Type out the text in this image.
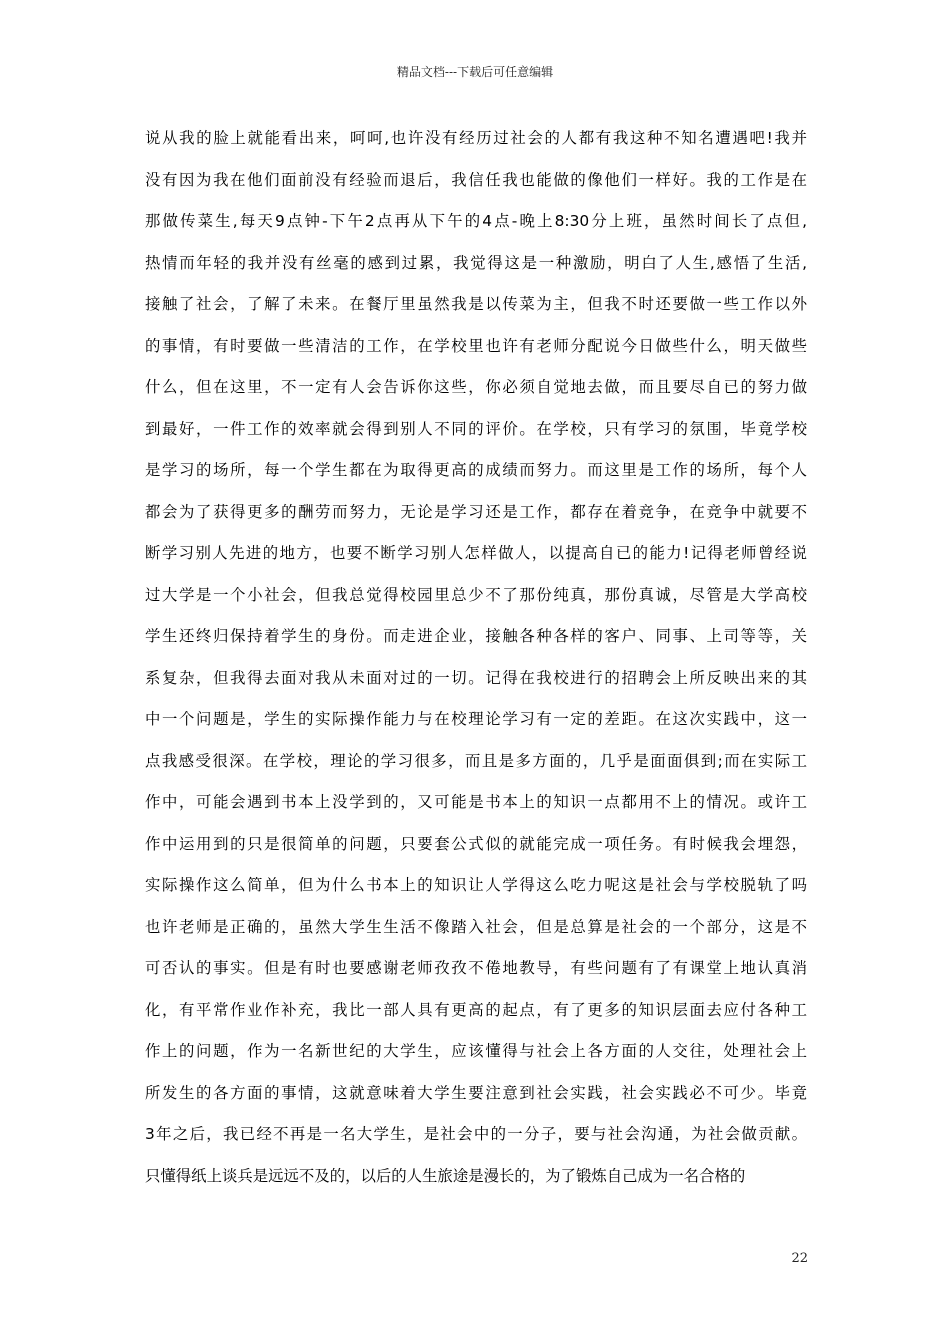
精品文档---下载后可任意编辑
说从我的脸上就能看出来，呵呵,也许没有经历过社会的人都有我这种不知名遭遇吧!我并
没有因为我在他们面前没有经验而退后，我信任我也能做的像他们一样好。我的工作是在
那做传菜生,每天9点钟-下午2点再从下午的4点-晚上8:30分上班，虽然时间长了点但,
热情而年轻的我并没有丝毫的感到过累，我觉得这是一种激励，明白了人生,感悟了生活,
接触了社会，了解了未来。在餐厅里虽然我是以传菜为主，但我不时还要做一些工作以外
的事情，有时要做一些清洁的工作，在学校里也许有老师分配说今日做些什么，明天做些
什么，但在这里，不一定有人会告诉你这些，你必须自觉地去做，而且要尽自已的努力做
到最好，一件工作的效率就会得到别人不同的评价。在学校，只有学习的氛围，毕竟学校
是学习的场所，每一个学生都在为取得更高的成绩而努力。而这里是工作的场所，每个人
都会为了获得更多的酬劳而努力，无论是学习还是工作，都存在着竞争，在竞争中就要不
断学习别人先进的地方，也要不断学习别人怎样做人，以提高自已的能力!记得老师曾经说
过大学是一个小社会，但我总觉得校园里总少不了那份纯真，那份真诚，尽管是大学高校
学生还终归保持着学生的身份。而走进企业，接触各种各样的客户、同事、上司等等，关
系复杂，但我得去面对我从未面对过的一切。记得在我校进行的招聘会上所反映出来的其
中一个问题是，学生的实际操作能力与在校理论学习有一定的差距。在这次实践中，这一
点我感受很深。在学校，理论的学习很多，而且是多方面的，几乎是面面俱到;而在实际工
作中，可能会遇到书本上没学到的，又可能是书本上的知识一点都用不上的情况。或许工
作中运用到的只是很简单的问题，只要套公式似的就能完成一项任务。有时候我会埋怨，
实际操作这么简单，但为什么书本上的知识让人学得这么吃力呢这是社会与学校脱轨了吗
也许老师是正确的，虽然大学生生活不像踏入社会，但是总算是社会的一个部分，这是不
可否认的事实。但是有时也要感谢老师孜孜不倦地教导，有些问题有了有课堂上地认真消
化，有平常作业作补充，我比一部人具有更高的起点，有了更多的知识层面去应付各种工
作上的问题，作为一名新世纪的大学生，应该懂得与社会上各方面的人交往，处理社会上
所发生的各方面的事情，这就意味着大学生要注意到社会实践，社会实践必不可少。毕竟
3年之后，我已经不再是一名大学生，是社会中的一分子，要与社会沟通，为社会做贡献。
只懂得纸上谈兵是远远不及的，以后的人生旅途是漫长的，为了锻炼自己成为一名合格的
22
